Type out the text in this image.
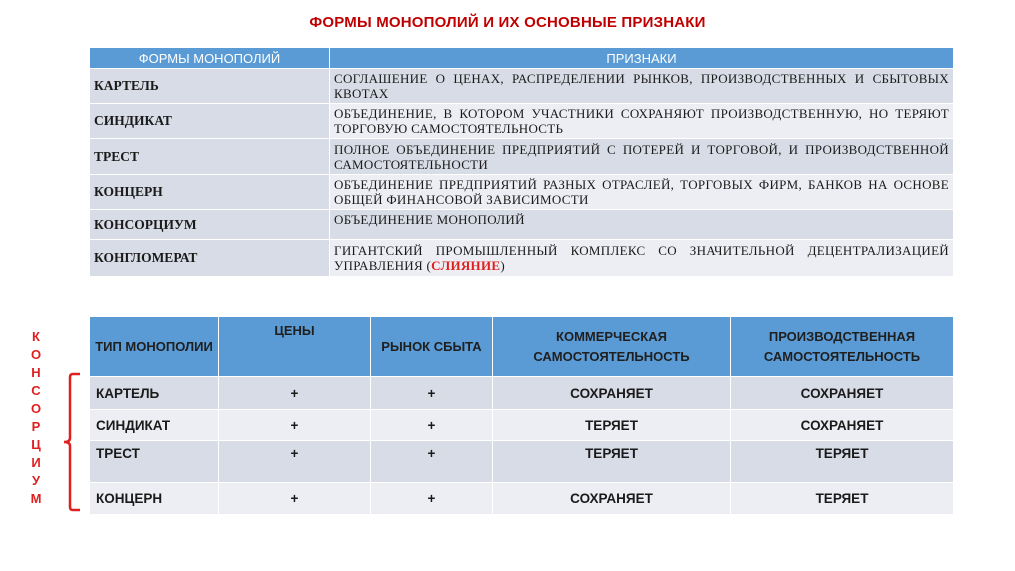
ФОРМЫ МОНОПОЛИЙ И ИХ ОСНОВНЫЕ ПРИЗНАКИ
ФОРМЫ МОНОПОЛИЙ	ПРИЗНАКИ
КАРТЕЛЬ	СОГЛАШЕНИЕ О ЦЕНАХ, РАСПРЕДЕЛЕНИИ РЫНКОВ, ПРОИЗВОДСТВЕННЫХ И СБЫТОВЫХ КВОТАХ
СИНДИКАТ	ОБЪЕДИНЕНИЕ, В КОТОРОМ УЧАСТНИКИ СОХРАНЯЮТ ПРОИЗВОДСТВЕННУЮ, НО ТЕРЯЮТ ТОРГОВУЮ САМОСТОЯТЕЛЬНОСТЬ
ТРЕСТ	ПОЛНОЕ ОБЪЕДИНЕНИЕ ПРЕДПРИЯТИЙ С ПОТЕРЕЙ И ТОРГОВОЙ, И ПРОИЗВОДСТВЕННОЙ САМОСТОЯТЕЛЬНОСТИ
КОНЦЕРН	ОБЪЕДИНЕНИЕ ПРЕДПРИЯТИЙ РАЗНЫХ ОТРАСЛЕЙ, ТОРГОВЫХ ФИРМ, БАНКОВ НА ОСНОВЕ ОБЩЕЙ ФИНАНСОВОЙ ЗАВИСИМОСТИ
КОНСОРЦИУМ	ОБЪЕДИНЕНИЕ МОНОПОЛИЙ
КОНГЛОМЕРАТ	ГИГАНТСКИЙ ПРОМЫШЛЕННЫЙ КОМПЛЕКС СО ЗНАЧИТЕЛЬНОЙ ДЕЦЕНТРАЛИЗАЦИЕЙ УПРАВЛЕНИЯ (СЛИЯНИЕ)
К
О
Н
С
О
Р
Ц
И
У
М
ТИП МОНОПОЛИИ	ЦЕНЫ	РЫНОК СБЫТА	КОММЕРЧЕСКАЯ САМОСТОЯТЕЛЬНОСТЬ	ПРОИЗВОДСТВЕННАЯ САМОСТОЯТЕЛЬНОСТЬ
КАРТЕЛЬ	+	+	СОХРАНЯЕТ	СОХРАНЯЕТ
СИНДИКАТ	+	+	ТЕРЯЕТ	СОХРАНЯЕТ
ТРЕСТ	+	+	ТЕРЯЕТ	ТЕРЯЕТ
КОНЦЕРН	+	+	СОХРАНЯЕТ	ТЕРЯЕТ
